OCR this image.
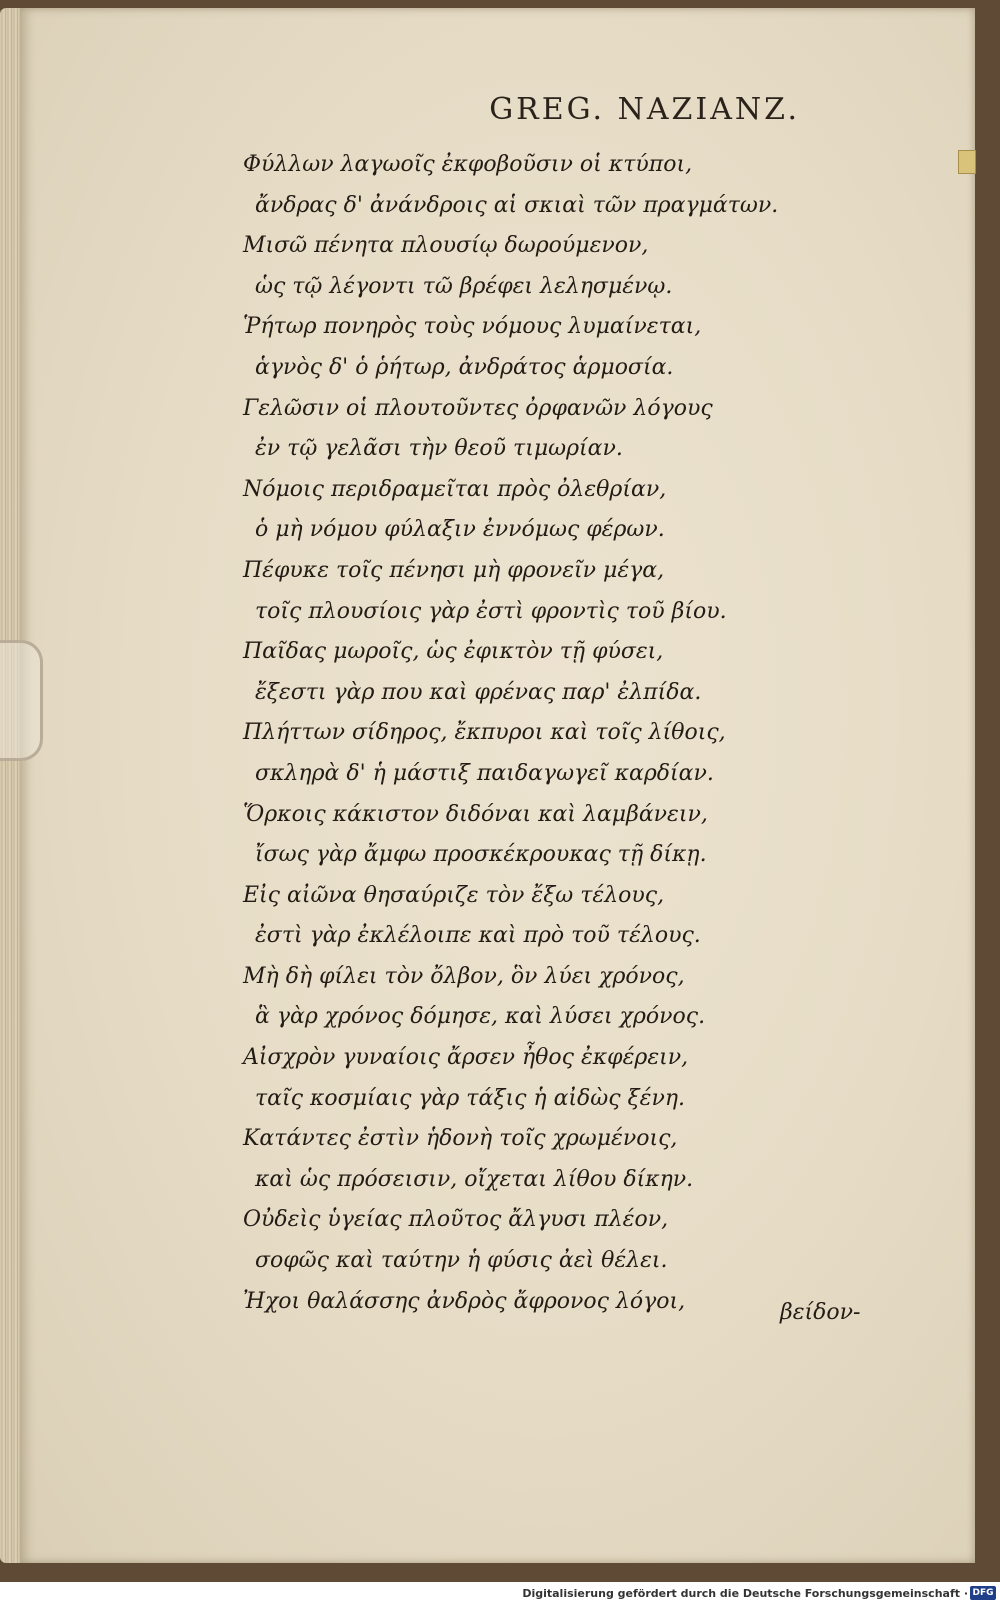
GREG. NAZIANZ.
Φύλλων λαγωοῖς ἐκφοβοῦσιν οἱ κτύποι,
ἄνδρας δ' ἀνάνδροις αἱ σκιαὶ τῶν πραγμάτων.
Μισῶ πένητα πλουσίῳ δωρούμενον,
ὡς τῷ λέγοντι τῶ βρέφει λελησμένῳ.
Ῥήτωρ πονηρὸς τοὺς νόμους λυμαίνεται,
ἁγνὸς δ' ὁ ῥήτωρ, ἀνδράτος ἁρμοσία.
Γελῶσιν οἱ πλουτοῦντες ὀρφανῶν λόγους
ἐν τῷ γελᾶσι τὴν θεοῦ τιμωρίαν.
Νόμοις περιδραμεῖται πρὸς ὀλεθρίαν,
ὁ μὴ νόμου φύλαξιν ἐννόμως φέρων.
Πέφυκε τοῖς πένησι μὴ φρονεῖν μέγα,
τοῖς πλουσίοις γὰρ ἐστὶ φροντὶς τοῦ βίου.
Παῖδας μωροῖς, ὡς ἐφικτὸν τῇ φύσει,
ἔξεστι γὰρ που καὶ φρένας παρ' ἐλπίδα.
Πλήττων σίδηρος, ἔκπυροι καὶ τοῖς λίθοις,
σκληρὰ δ' ἡ μάστιξ παιδαγωγεῖ καρδίαν.
Ὅρκοις κάκιστον διδόναι καὶ λαμβάνειν,
ἴσως γὰρ ἄμφω προσκέκρουκας τῇ δίκῃ.
Εἰς αἰῶνα θησαύριζε τὸν ἔξω τέλους,
ἐστὶ γὰρ ἐκλέλοιπε καὶ πρὸ τοῦ τέλους.
Μὴ δὴ φίλει τὸν ὄλβον, ὃν λύει χρόνος,
ἃ γὰρ χρόνος δόμησε, καὶ λύσει χρόνος.
Αἰσχρὸν γυναίοις ἄρσεν ἦθος ἐκφέρειν,
ταῖς κοσμίαις γὰρ τάξις ἡ αἰδὼς ξένη.
Κατάντες ἐστὶν ἡδονὴ τοῖς χρωμένοις,
καὶ ὡς πρόσεισιν, οἴχεται λίθου δίκην.
Οὐδεὶς ὑγείας πλοῦτος ἄλγυσι πλέον,
σοφῶς καὶ ταύτην ἡ φύσις ἀεὶ θέλει.
Ἠχοι θαλάσσης ἀνδρὸς ἄφρονος λόγοι,	βείδον-
Digitalisierung gefördert durch die Deutsche Forschungsgemeinschaft · DFG
